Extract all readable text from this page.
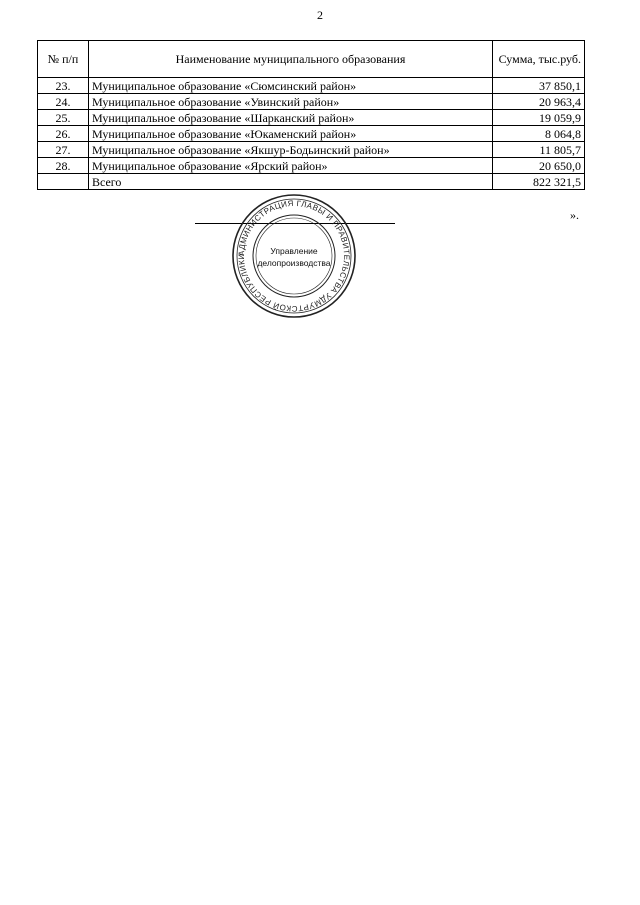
2
№ п/п	Наименование муниципального образования	Сумма, тыс.руб.
23.	Муниципальное образование «Сюмсинский район»	37 850,1
24.	Муниципальное образование «Увинский район»	20 963,4
25.	Муниципальное образование «Шарканский район»	19 059,9
26.	Муниципальное образование «Юкаменский район»	8 064,8
27.	Муниципальное образование «Якшур-Бодьинский район»	11 805,7
28.	Муниципальное образование «Ярский район»	20 650,0
	Всего	822 321,5
».
АДМИНИСТРАЦИЯ ГЛАВЫ И ПРАВИТЕЛЬСТВА УДМУРТСКОЙ РЕСПУБЛИКИ
Управление
делопроизводства
